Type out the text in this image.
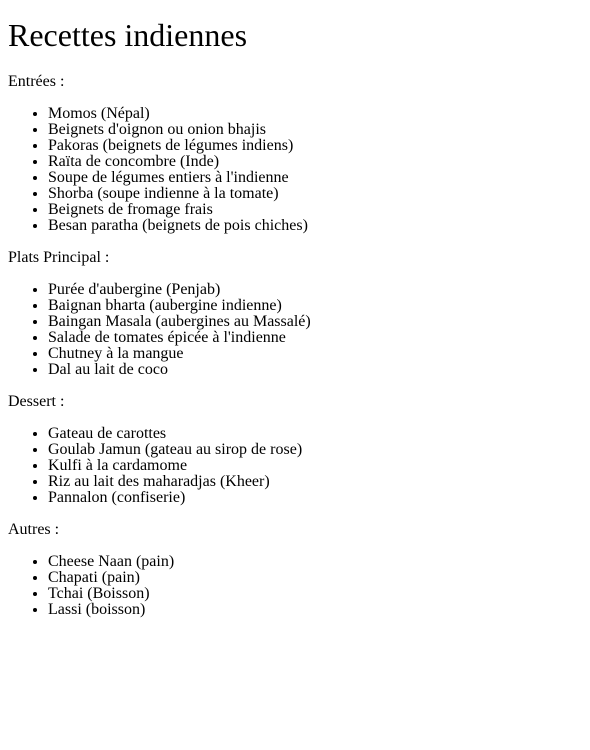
Recettes indiennes

Entrées :

• Momos (Népal)
• Beignets d'oignon ou onion bhajis
• Pakoras (beignets de légumes indiens)
• Raïta de concombre (Inde)
• Soupe de légumes entiers à l'indienne
• Shorba (soupe indienne à la tomate)
• Beignets de fromage frais
• Besan paratha (beignets de pois chiches)

Plats Principal :

• Purée d'aubergine (Penjab)
• Baignan bharta (aubergine indienne)
• Baingan Masala (aubergines au Massalé)
• Salade de tomates épicée à l'indienne
• Chutney à la mangue
• Dal au lait de coco

Dessert :

• Gateau de carottes
• Goulab Jamun (gateau au sirop de rose)
• Kulfi à la cardamome
• Riz au lait des maharadjas (Kheer)
• Pannalon (confiserie)

Autres :

• Cheese Naan (pain)
• Chapati (pain)
• Tchai (Boisson)
• Lassi (boisson)
